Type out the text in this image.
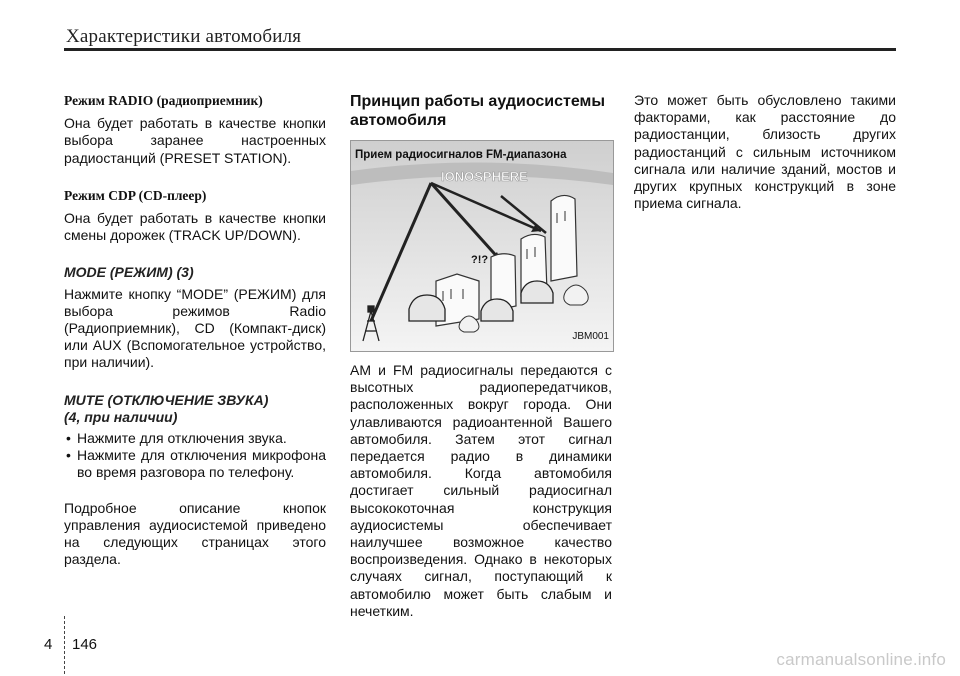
Характеристики автомобиля
Режим RADIO (радиоприемник)

Она будет работать в качестве кнопки выбора заранее настроенных радиостанций (PRESET STATION).

Режим CDP (CD-плеер)

Она будет работать в качестве кнопки смены дорожек (TRACK UP/DOWN).

MODE (РЕЖИМ) (3)

Нажмите кнопку “MODE” (РЕЖИМ) для выбора режимов Radio (Радиоприемник), CD (Компакт-диск) или AUX (Вспомогательное устройство, при наличии).

MUTE (ОТКЛЮЧЕНИЕ ЗВУКА)
(4, при наличии)
• Нажмите для отключения звука.
• Нажмите для отключения микрофона во время разговора по телефону.

Подробное описание кнопок управления аудиосистемой приведено на следующих страницах этого раздела.

Принцип работы аудиосистемы автомобиля
IONOSPHERE
?!?
Прием радиосигналов FM-диапазона
JBM001

AM и FM радиосигналы передаются с высотных радиопередатчиков, расположенных вокруг города. Они улавливаются радиоантенной Вашего автомобиля. Затем этот сигнал передается радио в динамики автомобиля. Когда автомобиля достигает сильный радиосигнал высококоточная конструкция аудиосистемы обеспечивает наилучшее возможное качество воспроизведения. Однако в некоторых случаях сигнал, поступающий к автомобилю может быть слабым и нечетким.

Это может быть обусловлено такими факторами, как расстояние до радиостанции, близость других радиостанций с сильным источником сигнала или наличие зданий, мостов и других крупных конструкций в зоне приема сигнала.

4 146
carmanualsonline.info
